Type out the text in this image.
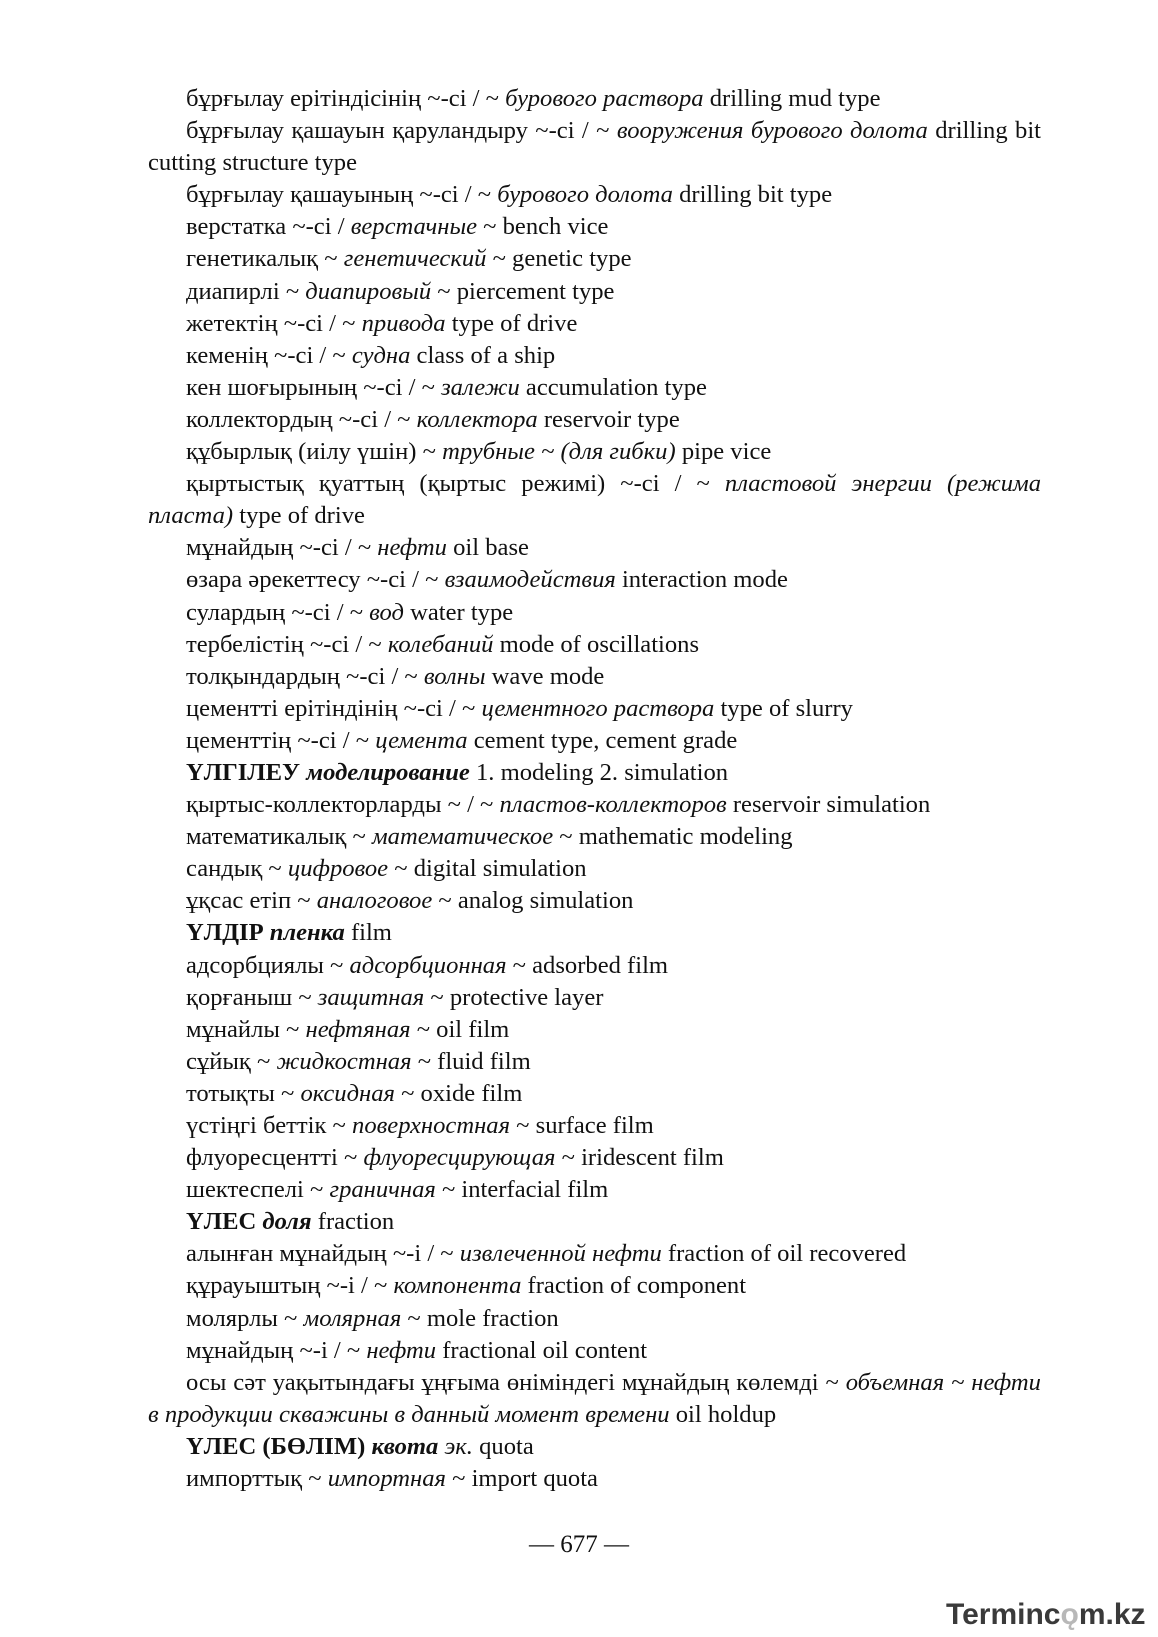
бұрғылау ерітіндісінің ~-сі / ~ бурового раствора drilling mud type
бұрғылау қашауын қаруландыру ~-сі / ~ вооружения бурового долота drilling bit cutting structure type
бұрғылау қашауының ~-сі / ~ бурового долота drilling bit type
верстатка ~-сі / верстачные ~ bench vice
генетикалық ~ генетический ~ genetic type
диапирлі ~ диапировый ~ piercement type
жетектің ~-сі / ~ привода type of drive
кеменің ~-сі / ~ судна class of a ship
кен шоғырының ~-сі / ~ залежи accumulation type
коллектордың ~-сі / ~ коллектора reservoir type
құбырлық (иілу үшін) ~ трубные ~ (для гибки) pipe vice
қыртыстық қуаттың (қыртыс режимі) ~-сі / ~ пластовой энергии (режима пласта) type of drive
мұнайдың ~-сі / ~ нефти oil base
өзара әрекеттесу ~-сі / ~ взаимодействия interaction mode
сулардың ~-сі / ~ вод water type
тербелістің ~-сі / ~ колебаний mode of oscillations
толқындардың ~-сі / ~ волны wave mode
цементті ерітіндінің ~-сі / ~ цементного раствора type of slurry
цементтің ~-сі / ~ цемента cement type, cement grade
ҮЛГІЛЕУ моделирование 1. modeling 2. simulation
қыртыс-коллекторларды ~ / ~ пластов-коллекторов reservoir simulation
математикалық ~ математическое ~ mathematic modeling
сандық ~ цифровое ~ digital simulation
ұқсас етіп ~ аналоговое ~ analog simulation
ҮЛДІР пленка film
адсорбциялы ~ адсорбционная ~ adsorbed film
қорғаныш ~ защитная ~ protective layer
мұнайлы ~ нефтяная ~ oil film
сұйық ~ жидкостная ~ fluid film
тотықты ~ оксидная ~ oxide film
үстіңгі беттік ~ поверхностная ~ surface film
флуоресцентті ~ флуоресцирующая ~ iridescent film
шектеспелі ~ граничная ~ interfacial film
ҮЛЕС доля fraction
алынған мұнайдың ~-і / ~ извлеченной нефти fraction of oil recovered
құрауыштың ~-і / ~ компонента fraction of component
молярлы ~ молярная ~ mole fraction
мұнайдың ~-і / ~ нефти fractional oil content
осы сәт уақытындағы ұңғыма өніміндегі мұнайдың көлемді ~ объемная ~ нефти в продукции скважины в данный момент времени oil holdup
ҮЛЕС (БӨЛІМ) квота эк. quota
импорттық ~ импортная ~ import quota
― 677 ―
Termincǫm.kz
